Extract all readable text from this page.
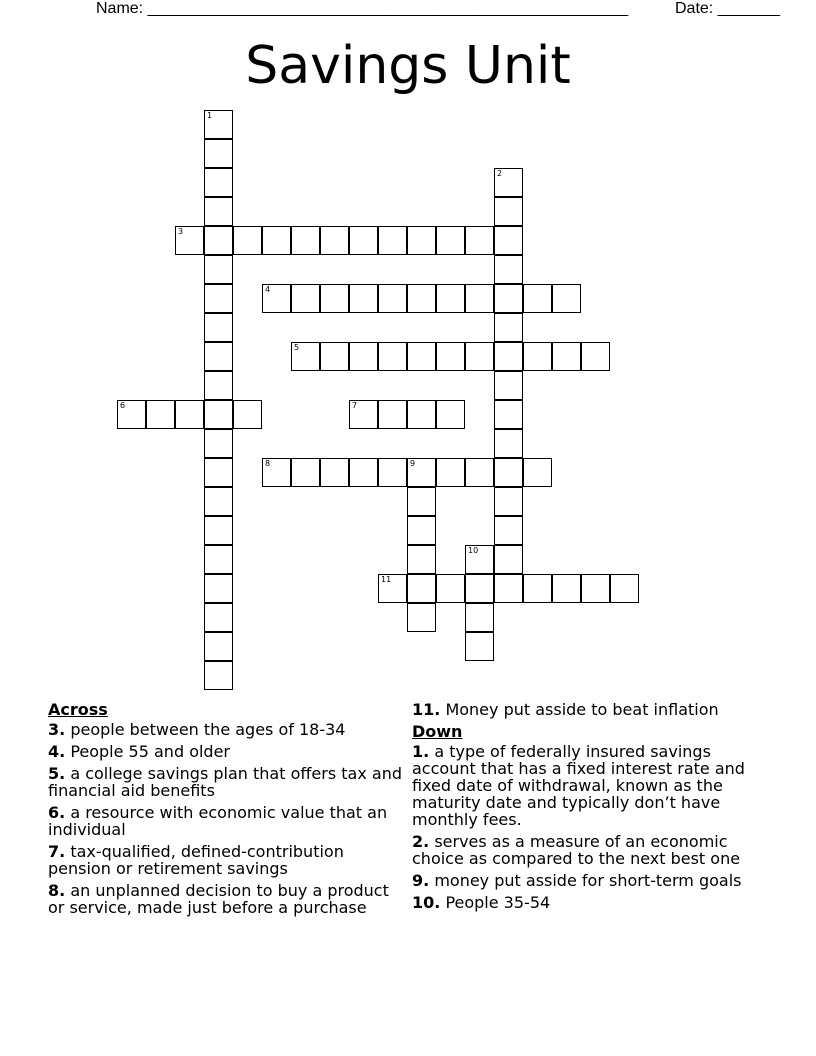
Name: ______________________________________________________	Date: _______
Savings Unit
1
2
3
4
5
6	7
8	9
10
11
Across
3. people between the ages of 18-34
4. People 55 and older
5. a college savings plan that offers tax and financial aid benefits
6. a resource with economic value that an individual
7. tax-qualified, defined-contribution pension or retirement savings
8. an unplanned decision to buy a product or service, made just before a purchase
11. Money put asside to beat inflation
Down
1. a type of federally insured savings account that has a fixed interest rate and fixed date of withdrawal, known as the maturity date and typically don’t have monthly fees.
2. serves as a measure of an economic choice as compared to the next best one
9. money put asside for short-term goals
10. People 35-54
